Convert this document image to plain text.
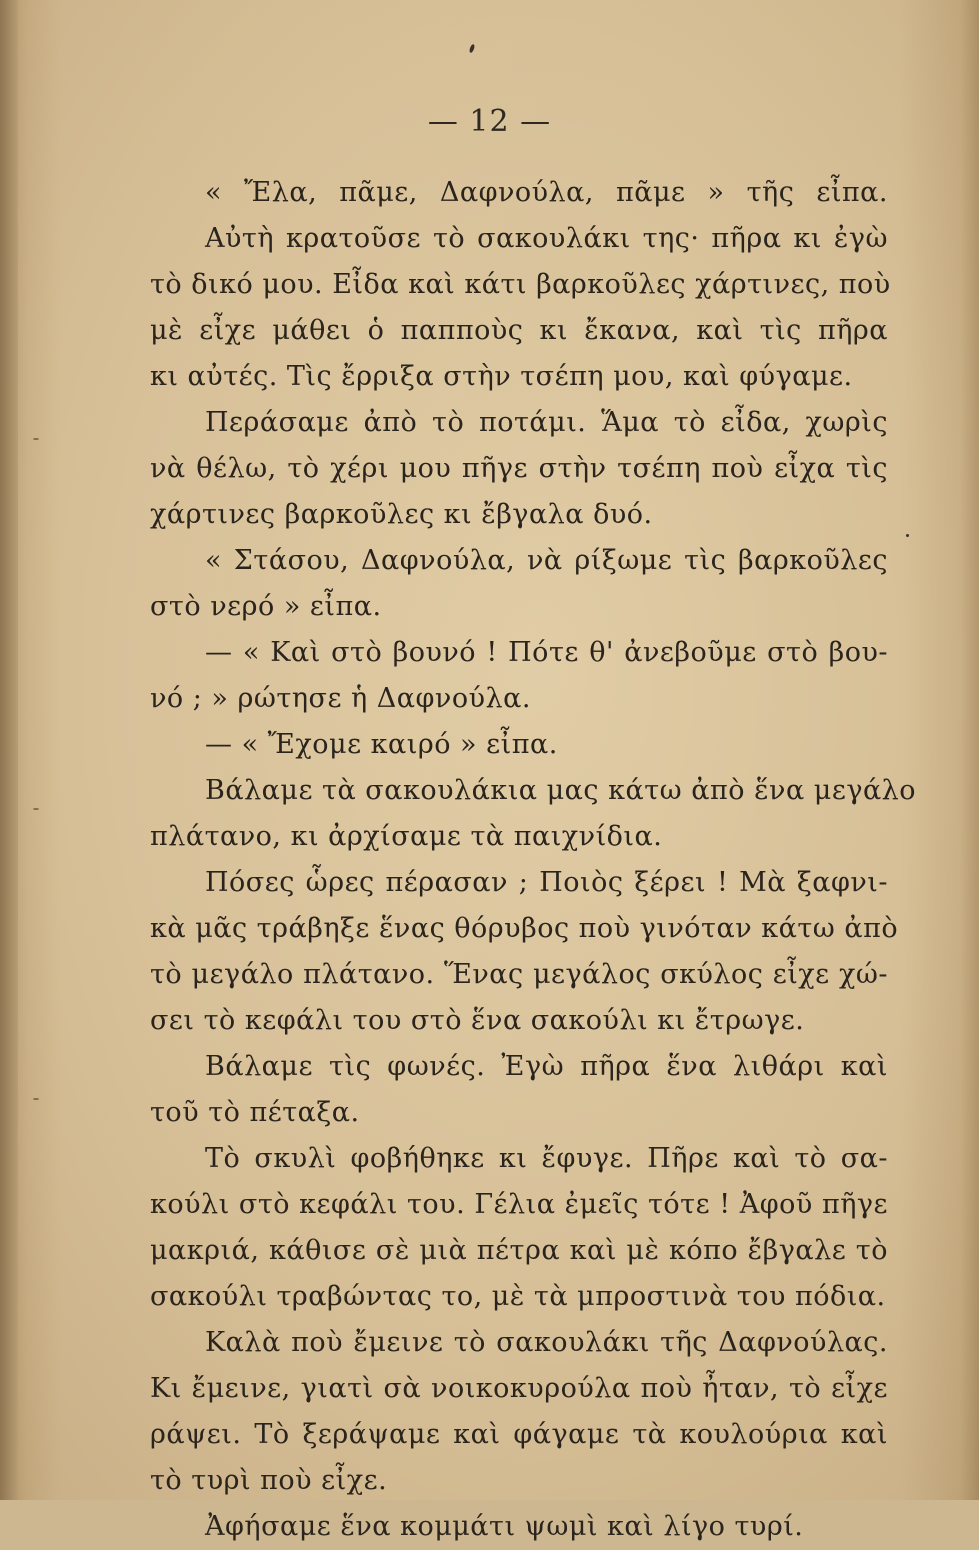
— 12 —
« Ἔλα, πᾶμε, Δαφνούλα, πᾶμε » τῆς εἶπα.
Αὐτὴ κρατοῦσε τὸ σακουλάκι της· πῆρα κι ἐγὼ
τὸ δικό μου. Εἶδα καὶ κάτι βαρκοῦλες χάρτινες, ποὺ
μὲ εἶχε μάθει ὁ παπποὺς κι ἔκανα, καὶ τὶς πῆρα
κι αὐτές. Τὶς ἔρριξα στὴν τσέπη μου, καὶ φύγαμε.
Περάσαμε ἀπὸ τὸ ποτάμι. Ἅμα τὸ εἶδα, χωρὶς
νὰ θέλω, τὸ χέρι μου πῆγε στὴν τσέπη ποὺ εἶχα τὶς
χάρτινες βαρκοῦλες κι ἔβγαλα δυό.
« Στάσου, Δαφνούλα, νὰ ρίξωμε τὶς βαρκοῦλες
στὸ νερό » εἶπα.
— « Καὶ στὸ βουνό ! Πότε θ' ἀνεβοῦμε στὸ βου-
νό ; » ρώτησε ἡ Δαφνούλα.
— « Ἔχομε καιρό » εἶπα.
Βάλαμε τὰ σακουλάκια μας κάτω ἀπὸ ἕνα μεγάλο
πλάτανο, κι ἀρχίσαμε τὰ παιχνίδια.
Πόσες ὧρες πέρασαν ; Ποιὸς ξέρει ! Μὰ ξαφνι-
κὰ μᾶς τράβηξε ἕνας θόρυβος ποὺ γινόταν κάτω ἀπὸ
τὸ μεγάλο πλάτανο. Ἕνας μεγάλος σκύλος εἶχε χώ-
σει τὸ κεφάλι του στὸ ἕνα σακούλι κι ἔτρωγε.
Βάλαμε τὶς φωνές. Ἐγὼ πῆρα ἕνα λιθάρι καὶ
τοῦ τὸ πέταξα.
Τὸ σκυλὶ φοβήθηκε κι ἔφυγε. Πῆρε καὶ τὸ σα-
κούλι στὸ κεφάλι του. Γέλια ἐμεῖς τότε ! Ἀφοῦ πῆγε
μακριά, κάθισε σὲ μιὰ πέτρα καὶ μὲ κόπο ἔβγαλε τὸ
σακούλι τραβώντας το, μὲ τὰ μπροστινὰ του πόδια.
Καλὰ ποὺ ἔμεινε τὸ σακουλάκι τῆς Δαφνούλας.
Κι ἔμεινε, γιατὶ σὰ νοικοκυρούλα ποὺ ἦταν, τὸ εἶχε
ράψει. Τὸ ξεράψαμε καὶ φάγαμε τὰ κουλούρια καὶ
τὸ τυρὶ ποὺ εἶχε.
Ἀφήσαμε ἕνα κομμάτι ψωμὶ καὶ λίγο τυρί.
